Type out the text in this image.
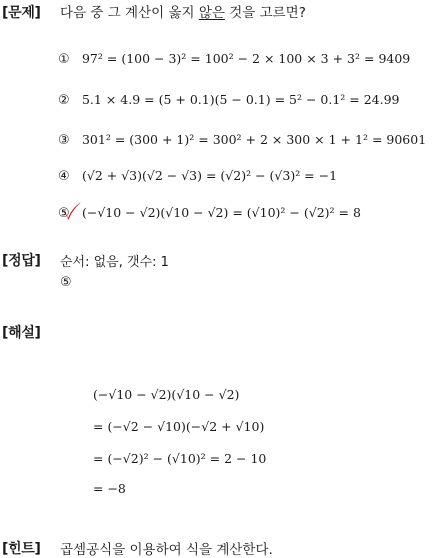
[문제] 다음 중 그 계산이 옳지 않은 것을 고르면?
① 97² = (100 − 3)² = 100² − 2 × 100 × 3 + 3² = 9409
② 5.1 × 4.9 = (5 + 0.1)(5 − 0.1) = 5² − 0.1² = 24.99
③ 301² = (300 + 1)² = 300² + 2 × 300 × 1 + 1² = 90601
④ (√2 + √3)(√2 − √3) = (√2)² − (√3)² = −1
⑤ (−√10 − √2)(√10 − √2) = (√10)² − (√2)² = 8
[정답] 순서: 없음, 갯수: 1
⑤
[해설]
(−√10 − √2)(√10 − √2)
= (−√2 − √10)(−√2 + √10)
= (−√2)² − (√10)² = 2 − 10
= −8
[힌트] 곱셈공식을 이용하여 식을 계산한다.
